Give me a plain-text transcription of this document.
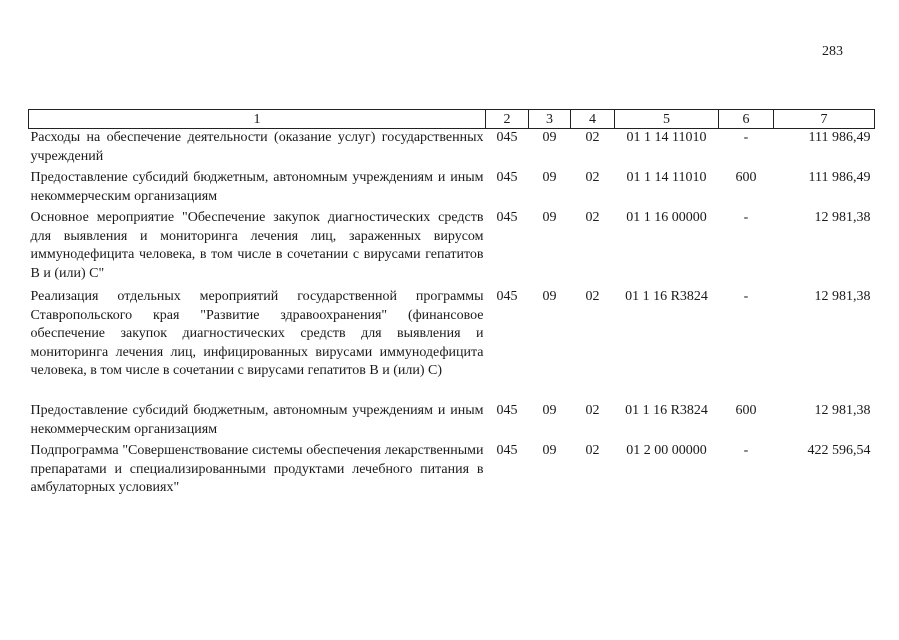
283
1	2	3	4	5	6	7
Расходы на обеспечение деятельности (оказание услуг) государственных учреждений	045	09	02	01 1 14 11010	-	111 986,49
Предоставление субсидий бюджетным, автономным учреждениям и иным некоммерческим организациям	045	09	02	01 1 14 11010	600	111 986,49
Основное мероприятие "Обеспечение закупок диагностических средств для выявления и мониторинга лечения лиц, зараженных вирусом иммунодефицита человека, в том числе в сочетании с вирусами гепатитов В и (или) С"	045	09	02	01 1 16 00000	-	12 981,38
Реализация отдельных мероприятий государственной программы Ставропольского края "Развитие здравоохранения" (финансовое обеспечение закупок диагностических средств для выявления и мониторинга лечения лиц, инфицированных вирусами иммунодефицита человека, в том числе в сочетании с вирусами гепатитов В и (или) С)	045	09	02	01 1 16 R3824	-	12 981,38
Предоставление субсидий бюджетным, автономным учреждениям и иным некоммерческим организациям	045	09	02	01 1 16 R3824	600	12 981,38
Подпрограмма "Совершенствование системы обеспечения лекарственными препаратами и специализированными продуктами лечебного питания в амбулаторных условиях"	045	09	02	01 2 00 00000	-	422 596,54
